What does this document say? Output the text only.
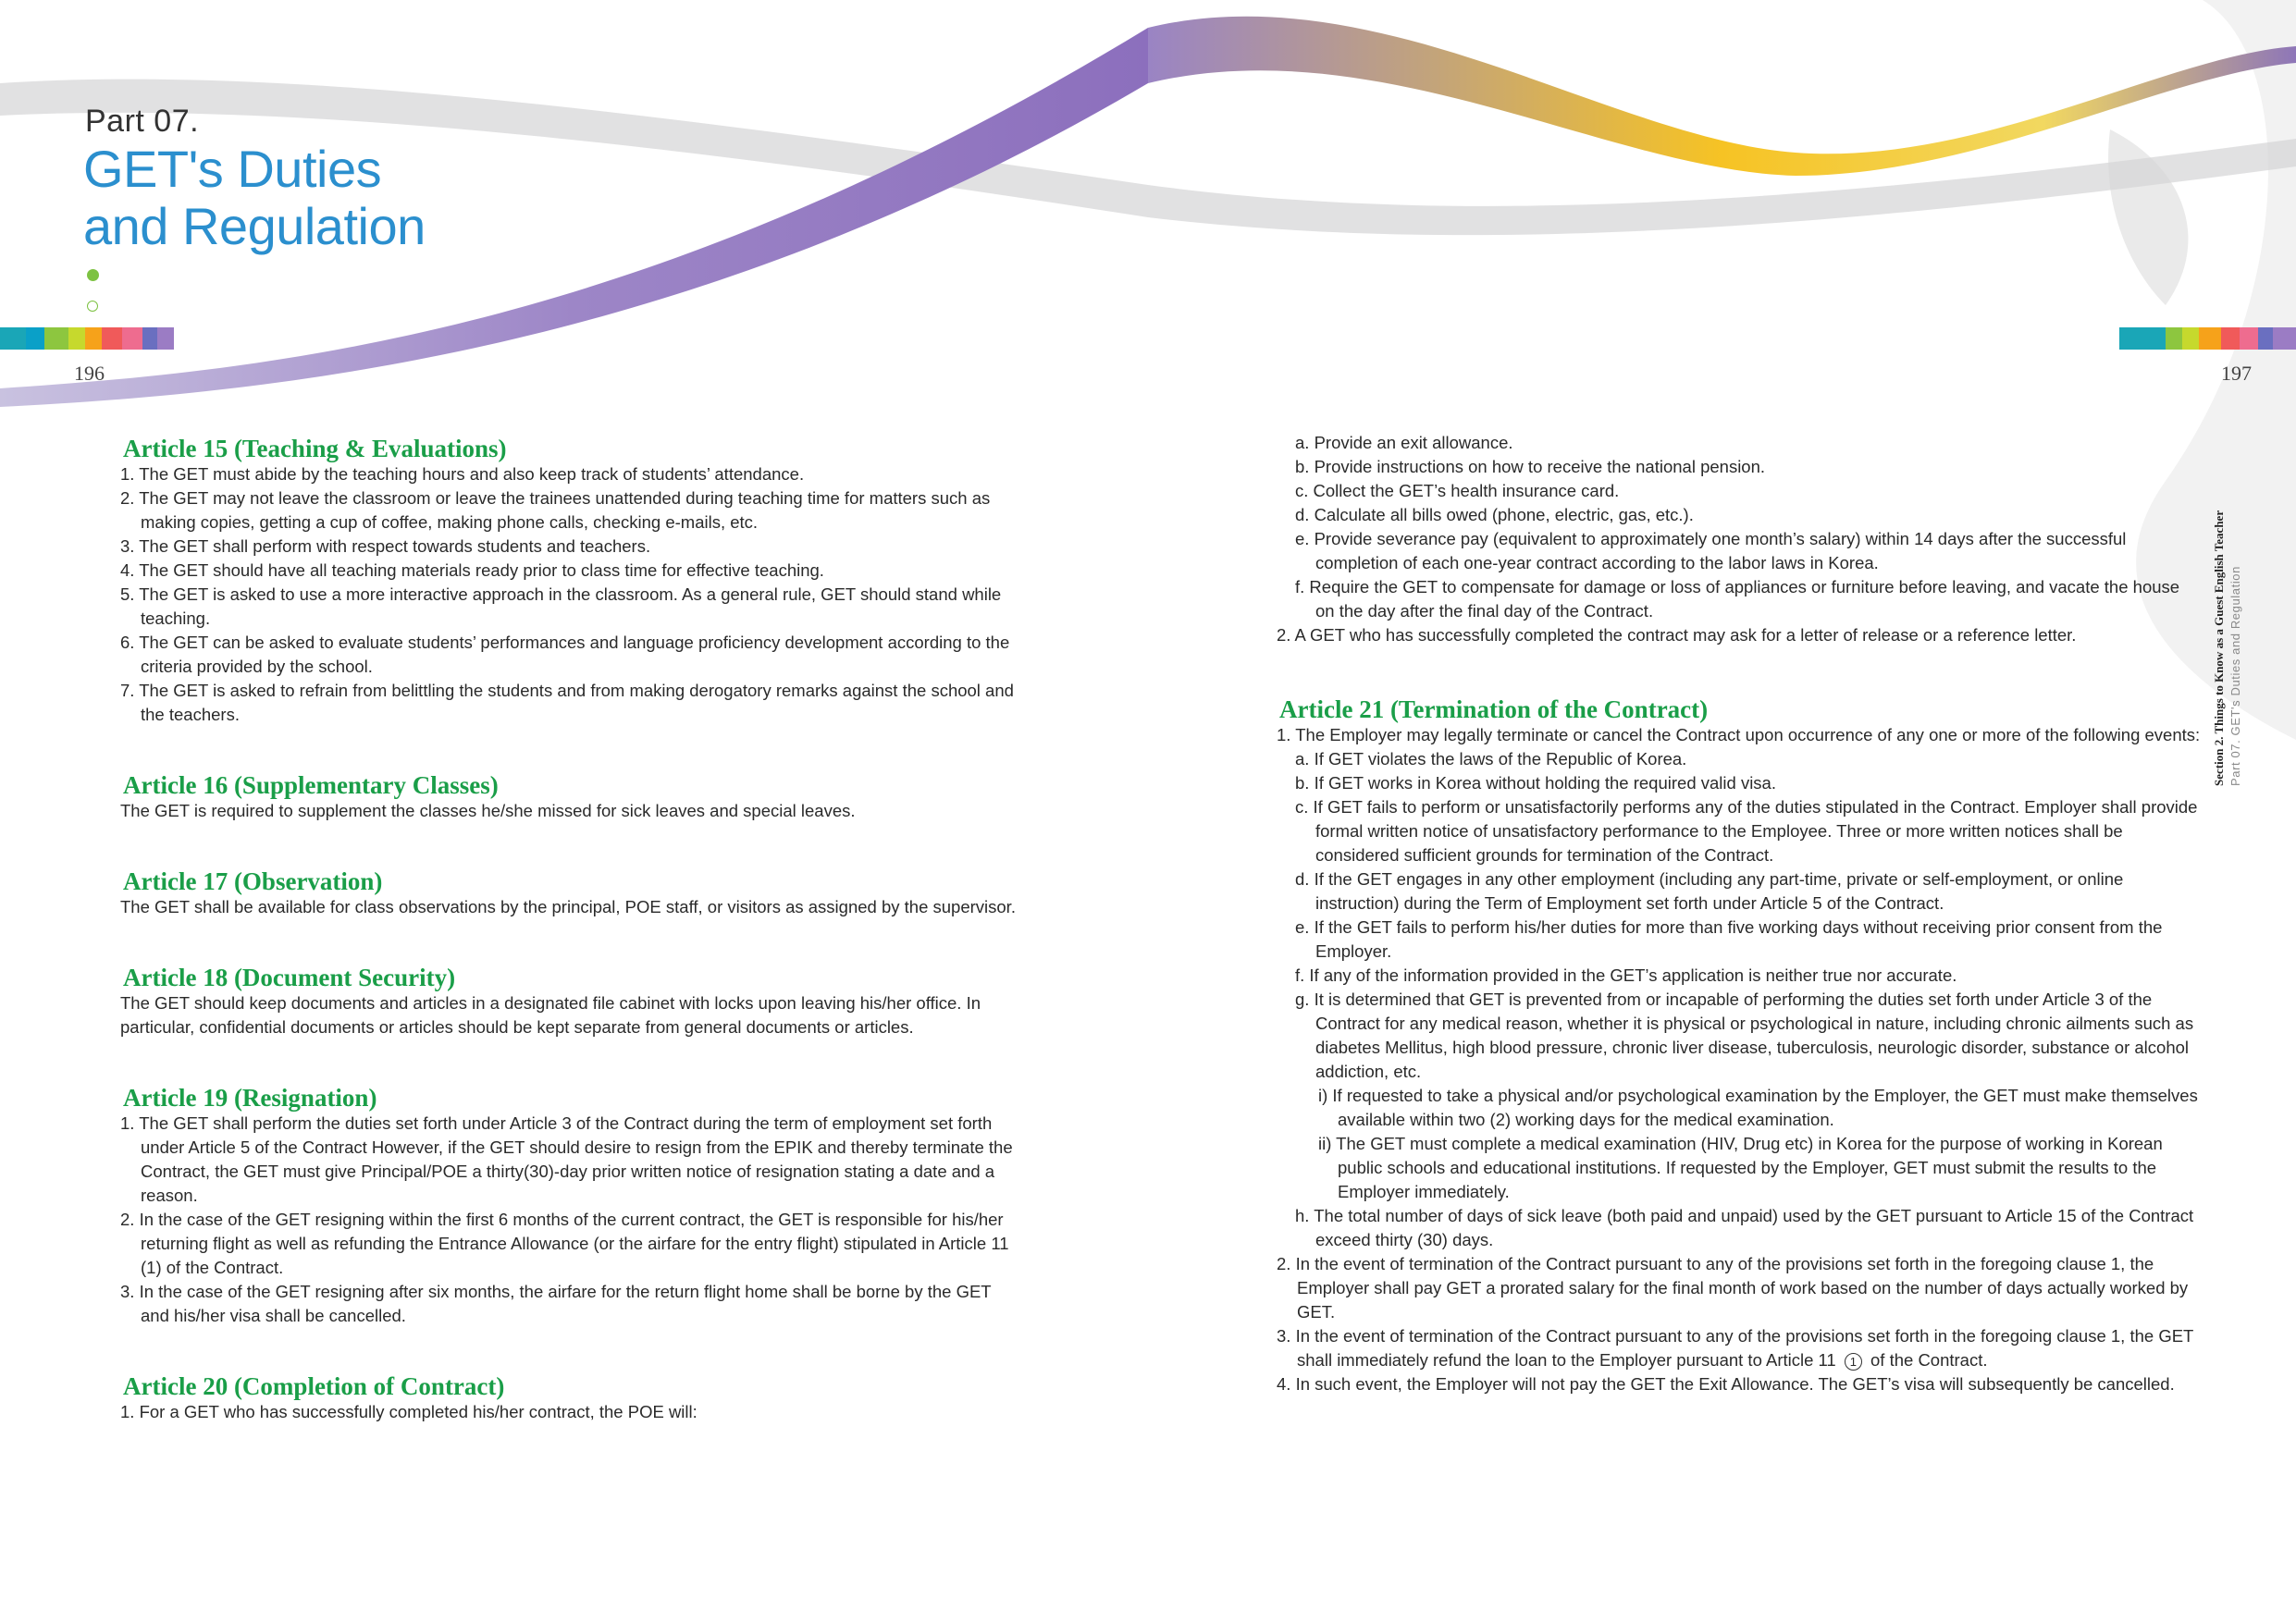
Part 07.
GET's Duties
and Regulation
196
Article 15 (Teaching & Evaluations)

1. The GET must abide by the teaching hours and also keep track of students’ attendance.

2. The GET may not leave the classroom or leave the trainees unattended during teaching time for matters such as making copies, getting a cup of coffee, making phone calls, checking e-mails, etc.

3. The GET shall perform with respect towards students and teachers.

4. The GET should have all teaching materials ready prior to class time for effective teaching.

5. The GET is asked to use a more interactive approach in the classroom. As a general rule, GET should stand while teaching.

6. The GET can be asked to evaluate students’ performances and language proficiency development according to the criteria provided by the school.

7. The GET is asked to refrain from belittling the students and from making derogatory remarks against the school and the teachers.

Article 16 (Supplementary Classes)

The GET is required to supplement the classes he/she missed for sick leaves and special leaves.

Article 17 (Observation)

The GET shall be available for class observations by the principal, POE staff, or visitors as assigned by the supervisor.

Article 18 (Document Security)

The GET should keep documents and articles in a designated file cabinet with locks upon leaving his/her office. In particular, confidential documents or articles should be kept separate from general documents or articles.

Article 19 (Resignation)

1. The GET shall perform the duties set forth under Article 3 of the Contract during the term of employment set forth under Article 5 of the Contract However, if the GET should desire to resign from the EPIK and thereby terminate the Contract, the GET must give Principal/POE a thirty(30)-day prior written notice of resignation stating a date and a reason.

2. In the case of the GET resigning within the first 6 months of the current contract, the GET is responsible for his/her returning flight as well as refunding the Entrance Allowance (or the airfare for the entry flight) stipulated in Article 11 (1) of the Contract.

3. In the case of the GET resigning after six months, the airfare for the return flight home shall be borne by the GET and his/her visa shall be cancelled.

Article 20 (Completion of Contract)

1. For a GET who has successfully completed his/her contract, the POE will:

197
Section 2. Things to Know as a Guest English Teacher Part 07. GET's Duties and Regulation

a. Provide an exit allowance.

b. Provide instructions on how to receive the national pension.

c. Collect the GET’s health insurance card.

d. Calculate all bills owed (phone, electric, gas, etc.).

e. Provide severance pay (equivalent to approximately one month’s salary) within 14 days after the successful completion of each one-year contract according to the labor laws in Korea.

f. Require the GET to compensate for damage or loss of appliances or furniture before leaving, and vacate the house on the day after the final day of the Contract.

2. A GET who has successfully completed the contract may ask for a letter of release or a reference letter.

Article 21 (Termination of the Contract)

1. The Employer may legally terminate or cancel the Contract upon occurrence of any one or more of the following events:

a. If GET violates the laws of the Republic of Korea.

b. If GET works in Korea without holding the required valid visa.

c. If GET fails to perform or unsatisfactorily performs any of the duties stipulated in the Contract. Employer shall provide formal written notice of unsatisfactory performance to the Employee. Three or more written notices shall be considered sufficient grounds for termination of the Contract.

d. If the GET engages in any other employment (including any part-time, private or self-employment, or online instruction) during the Term of Employment set forth under Article 5 of the Contract.

e. If the GET fails to perform his/her duties for more than five working days without receiving prior consent from the Employer.

f. If any of the information provided in the GET’s application is neither true nor accurate.

g. It is determined that GET is prevented from or incapable of performing the duties set forth under Article 3 of the Contract for any medical reason, whether it is physical or psychological in nature, including chronic ailments such as diabetes Mellitus, high blood pressure, chronic liver disease, tuberculosis, neurologic disorder, substance or alcohol addiction, etc.

i) If requested to take a physical and/or psychological examination by the Employer, the GET must make themselves available within two (2) working days for the medical examination.

ii) The GET must complete a medical examination (HIV, Drug etc) in Korea for the purpose of working in Korean public schools and educational institutions. If requested by the Employer, GET must submit the results to the Employer immediately.

h. The total number of days of sick leave (both paid and unpaid) used by the GET pursuant to Article 15 of the Contract exceed thirty (30) days.

2. In the event of termination of the Contract pursuant to any of the provisions set forth in the foregoing clause 1, the Employer shall pay GET a prorated salary for the final month of work based on the number of days actually worked by GET.

3. In the event of termination of the Contract pursuant to any of the provisions set forth in the foregoing clause 1, the GET shall immediately refund the loan to the Employer pursuant to Article 11 1 of the Contract.

4. In such event, the Employer will not pay the GET the Exit Allowance. The GET’s visa will subsequently be cancelled.
